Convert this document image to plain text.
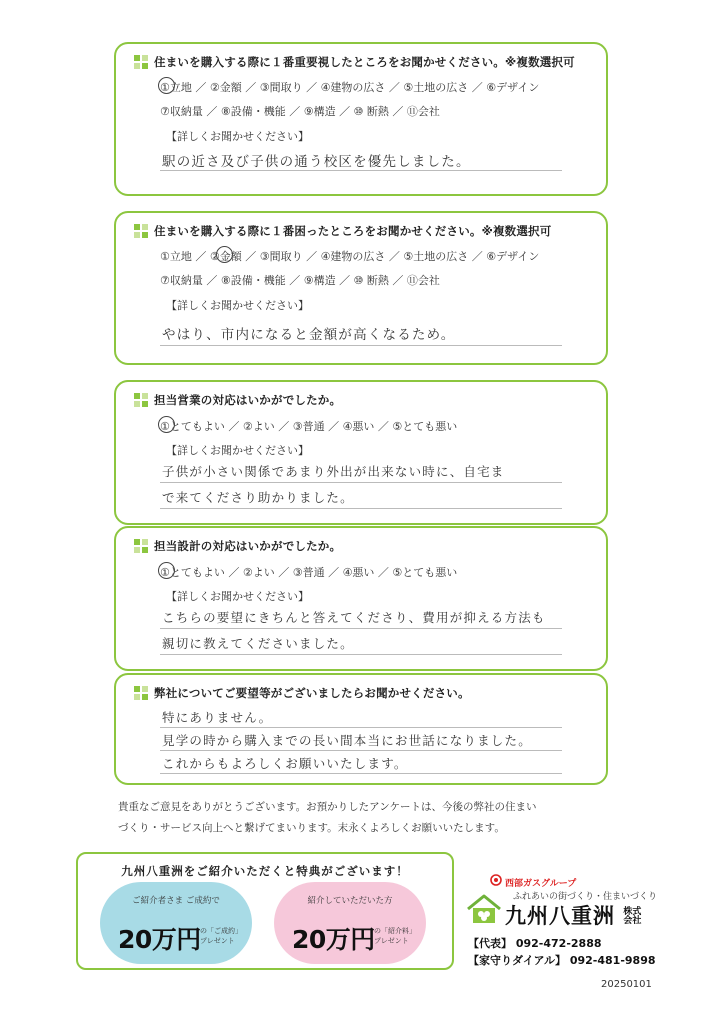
住まいを購入する際に１番重要視したところをお聞かせください。※複数選択可
①立地 ／ ②金額 ／ ③間取り ／ ④建物の広さ ／ ⑤土地の広さ ／ ⑥デザイン
⑦収納量 ／ ⑧設備・機能 ／ ⑨構造 ／ ⑩ 断熱 ／ ⑪会社
【詳しくお聞かせください】
駅の近さ及び子供の通う校区を優先しました。
住まいを購入する際に１番困ったところをお聞かせください。※複数選択可
①立地 ／ ②金額 ／ ③間取り ／ ④建物の広さ ／ ⑤土地の広さ ／ ⑥デザイン
⑦収納量 ／ ⑧設備・機能 ／ ⑨構造 ／ ⑩ 断熱 ／ ⑪会社
【詳しくお聞かせください】
やはり、市内になると金額が高くなるため。
担当営業の対応はいかがでしたか。
①とてもよい ／ ②よい ／ ③普通 ／ ④悪い ／ ⑤とても悪い
【詳しくお聞かせください】
子供が小さい関係であまり外出が出来ない時に、自宅ま
で来てくださり助かりました。
担当設計の対応はいかがでしたか。
①とてもよい ／ ②よい ／ ③普通 ／ ④悪い ／ ⑤とても悪い
【詳しくお聞かせください】
こちらの要望にきちんと答えてくださり、費用が抑える方法も
親切に教えてくださいました。
弊社についてご要望等がございましたらお聞かせください。
特にありません。
見学の時から購入までの長い間本当にお世話になりました。
これからもよろしくお願いいたします。
貴重なご意見をありがとうございます。お預かりしたアンケートは、今後の弊社の住まい
づくり・サービス向上へと繋げてまいります。末永くよろしくお願いいたします。
九州八重洲をご紹介いただくと特典がございます！
ご紹介者さま ご成約で
20万円 の「ご成約」
プレゼント
紹介していただいた方
20万円 の「紹介料」
プレゼント
西部ガスグループ
ふれあいの街づくり・住まいづくり
九州八重洲 株式
会社
【代表】 092-472-2888
【家守りダイアル】 092-481-9898
20250101
